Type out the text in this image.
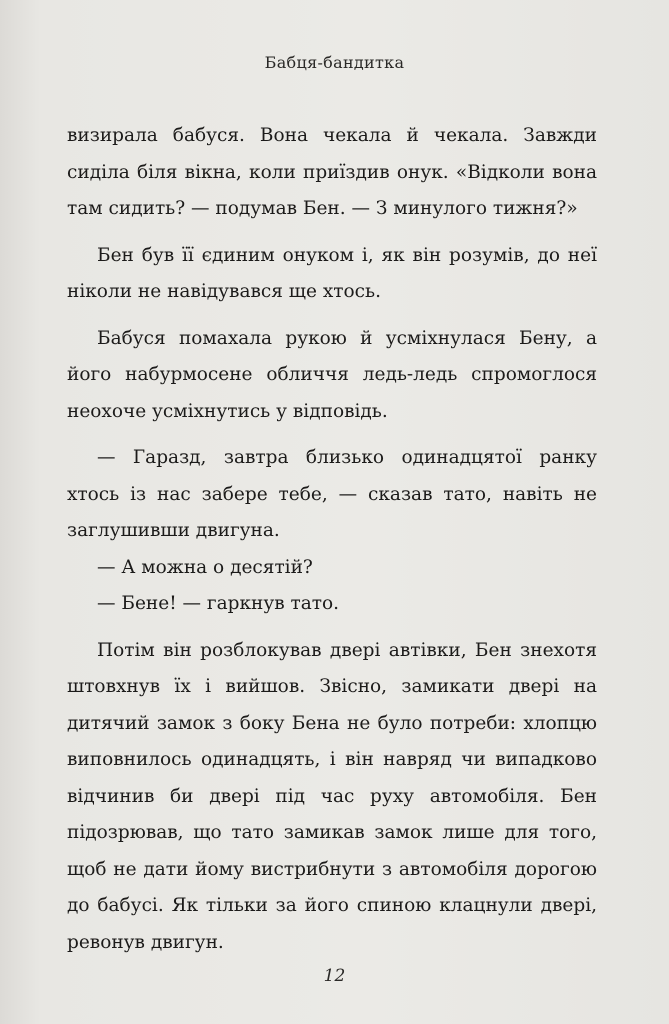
Бабця-бандитка

визирала бабуся. Вона чекала й чекала. Завжди сиділа біля вікна, коли приїздив онук. «Відколи вона там сидить? — подумав Бен. — З минулого тижня?»

Бен був її єдиним онуком і, як він розумів, до неї ніколи не навідувався ще хтось.

Бабуся помахала рукою й усміхнулася Бену, а його набурмосене обличчя ледь-ледь спромоглося неохоче усміхнутись у відповідь.

— Гаразд, завтра близько одинадцятої ранку хтось із нас забере тебе, — сказав тато, навіть не заглушивши двигуна.

— А можна о десятій?

— Бене! — гаркнув тато.

Потім він розблокував двері автівки, Бен знехотя штовхнув їх і вийшов. Звісно, замикати двері на дитячий замок з боку Бена не було потреби: хлопцю виповнилось одинадцять, і він навряд чи випадково відчинив би двері під час руху автомобіля. Бен підозрював, що тато замикав замок лише для того, щоб не дати йому вистрибнути з автомобіля дорогою до бабусі. Як тільки за його спиною клацнули двері, ревонув двигун.

12
